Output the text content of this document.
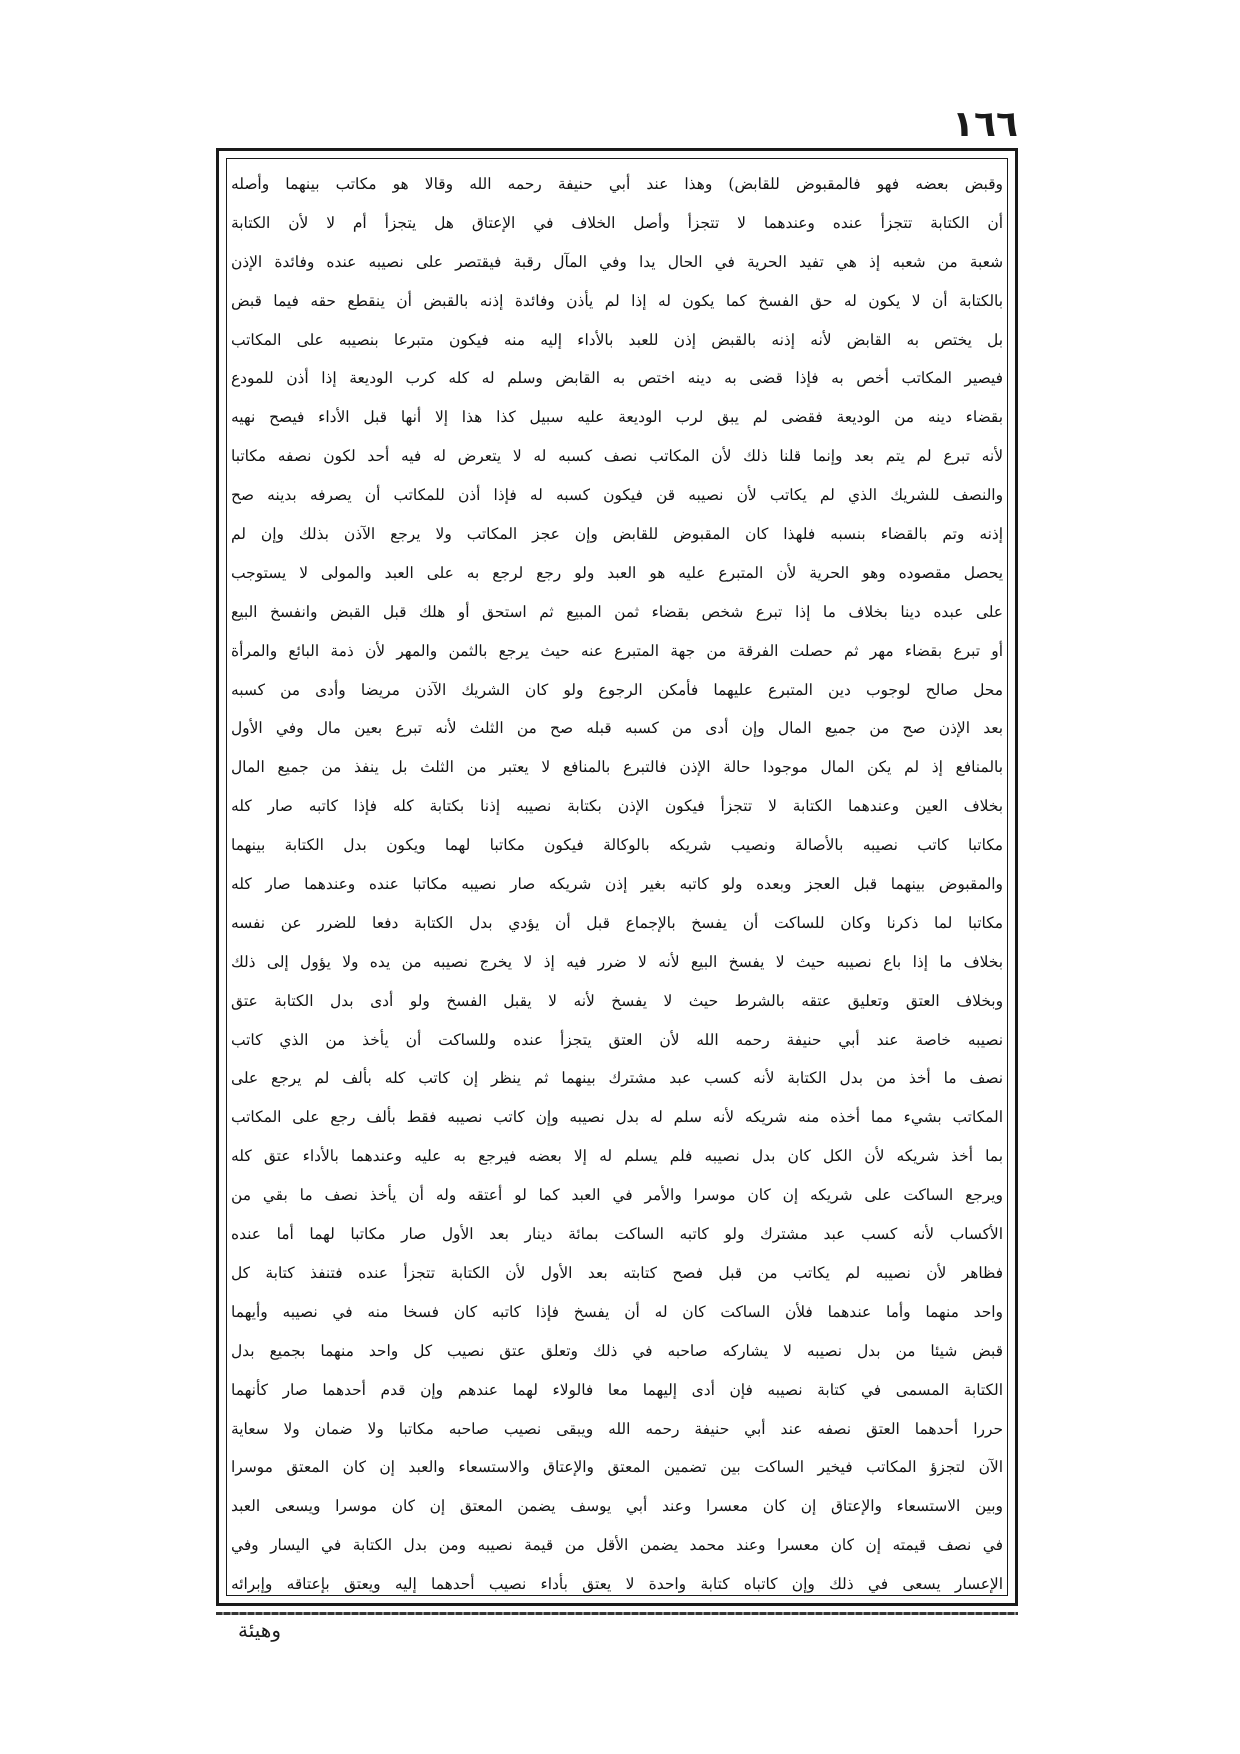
١٦٦
وقبض بعضه فهو فالمقبوض للقابض) وهذا عند أبي حنيفة رحمه الله وقالا هو مكاتب بينهما وأصله
أن الكتابة تتجزأ عنده وعندهما لا تتجزأ وأصل الخلاف في الإعتاق هل يتجزأ أم لا لأن الكتابة
شعبة من شعبه إذ هي تفيد الحرية في الحال يدا وفي المآل رقبة فيقتصر على نصيبه عنده وفائدة الإذن
بالكتابة أن لا يكون له حق الفسخ كما يكون له إذا لم يأذن وفائدة إذنه بالقبض أن ينقطع حقه فيما قبض
بل يختص به القابض لأنه إذنه بالقبض إذن للعبد بالأداء إليه منه فيكون متبرعا بنصيبه على المكاتب
فيصير المكاتب أخص به فإذا قضى به دينه اختص به القابض وسلم له كله كرب الوديعة إذا أذن للمودع
بقضاء دينه من الوديعة فقضى لم يبق لرب الوديعة عليه سبيل كذا هذا إلا أنها قبل الأداء فيصح نهيه
لأنه تبرع لم يتم بعد وإنما قلنا ذلك لأن المكاتب نصف كسبه له لا يتعرض له فيه أحد لكون نصفه مكاتبا
والنصف للشريك الذي لم يكاتب لأن نصيبه قن فيكون كسبه له فإذا أذن للمكاتب أن يصرفه بدينه صح
إذنه وتم بالقضاء بنسبه فلهذا كان المقبوض للقابض وإن عجز المكاتب ولا يرجع الآذن بذلك وإن لم
يحصل مقصوده وهو الحرية لأن المتبرع عليه هو العبد ولو رجع لرجع به على العبد والمولى لا يستوجب
على عبده دينا بخلاف ما إذا تبرع شخص بقضاء ثمن المبيع ثم استحق أو هلك قبل القبض وانفسخ البيع
أو تبرع بقضاء مهر ثم حصلت الفرقة من جهة المتبرع عنه حيث يرجع بالثمن والمهر لأن ذمة البائع والمرأة
محل صالح لوجوب دين المتبرع عليهما فأمكن الرجوع ولو كان الشريك الآذن مريضا وأدى من كسبه
بعد الإذن صح من جميع المال وإن أدى من كسبه قبله صح من الثلث لأنه تبرع بعين مال وفي الأول
بالمنافع إذ لم يكن المال موجودا حالة الإذن فالتبرع بالمنافع لا يعتبر من الثلث بل ينفذ من جميع المال
بخلاف العين وعندهما الكتابة لا تتجزأ فيكون الإذن بكتابة نصيبه إذنا بكتابة كله فإذا كاتبه صار كله
مكاتبا كاتب نصيبه بالأصالة ونصيب شريكه بالوكالة فيكون مكاتبا لهما ويكون بدل الكتابة بينهما
والمقبوض بينهما قبل العجز وبعده ولو كاتبه بغير إذن شريكه صار نصيبه مكاتبا عنده وعندهما صار كله
مكاتبا لما ذكرنا وكان للساكت أن يفسخ بالإجماع قبل أن يؤدي بدل الكتابة دفعا للضرر عن نفسه
بخلاف ما إذا باع نصيبه حيث لا يفسخ البيع لأنه لا ضرر فيه إذ لا يخرج نصيبه من يده ولا يؤول إلى ذلك
وبخلاف العتق وتعليق عتقه بالشرط حيث لا يفسخ لأنه لا يقبل الفسخ ولو أدى بدل الكتابة عتق
نصيبه خاصة عند أبي حنيفة رحمه الله لأن العتق يتجزأ عنده وللساكت أن يأخذ من الذي كاتب
نصف ما أخذ من بدل الكتابة لأنه كسب عبد مشترك بينهما ثم ينظر إن كاتب كله بألف لم يرجع على
المكاتب بشيء مما أخذه منه شريكه لأنه سلم له بدل نصيبه وإن كاتب نصيبه فقط بألف رجع على المكاتب
بما أخذ شريكه لأن الكل كان بدل نصيبه فلم يسلم له إلا بعضه فيرجع به عليه وعندهما بالأداء عتق كله
ويرجع الساكت على شريكه إن كان موسرا والأمر في العبد كما لو أعتقه وله أن يأخذ نصف ما بقي من
الأكساب لأنه كسب عبد مشترك ولو كاتبه الساكت بمائة دينار بعد الأول صار مكاتبا لهما أما عنده
فظاهر لأن نصيبه لم يكاتب من قبل فصح كتابته بعد الأول لأن الكتابة تتجزأ عنده فتنفذ كتابة كل
واحد منهما وأما عندهما فلأن الساكت كان له أن يفسخ فإذا كاتبه كان فسخا منه في نصيبه وأيهما
قبض شيئا من بدل نصيبه لا يشاركه صاحبه في ذلك وتعلق عتق نصيب كل واحد منهما بجميع بدل
الكتابة المسمى في كتابة نصيبه فإن أدى إليهما معا فالولاء لهما عندهم وإن قدم أحدهما صار كأنهما
حررا أحدهما العتق نصفه عند أبي حنيفة رحمه الله ويبقى نصيب صاحبه مكاتبا ولا ضمان ولا سعاية
الآن لتجزؤ المكاتب فيخير الساكت بين تضمين المعتق والإعتاق والاستسعاء والعبد إن كان المعتق موسرا
وبين الاستسعاء والإعتاق إن كان معسرا وعند أبي يوسف يضمن المعتق إن كان موسرا ويسعى العبد
في نصف قيمته إن كان معسرا وعند محمد يضمن الأقل من قيمة نصيبه ومن بدل الكتابة في اليسار وفي
الإعسار يسعى في ذلك وإن كاتباه كتابة واحدة لا يعتق بأداء نصيب أحدهما إليه ويعتق بإعتاقه وإبرائه
وهيئة
